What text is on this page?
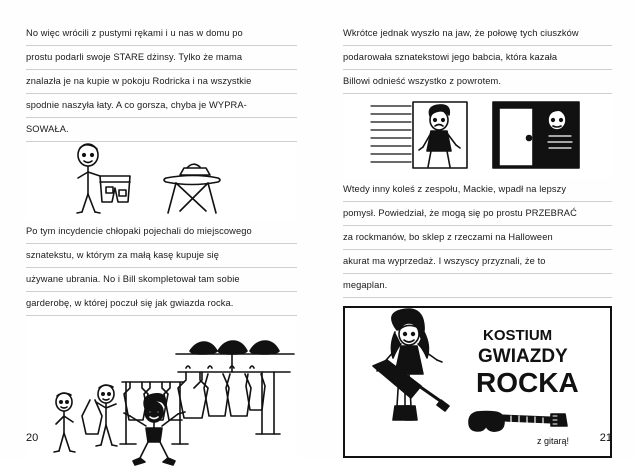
No więc wrócili z pustymi rękami i u nas w domu po

prostu podarli swoje STARE dżinsy. Tylko że mama

znalazła je na kupie w pokoju Rodricka i na wszystkie

spodnie naszyła łaty. A co gorsza, chyba je WYPRA-

SOWAŁA.

Po tym incydencie chłopaki pojechali do miejscowego

sznatekstu, w którym za małą kasę kupuje się

używane ubrania. No i Bill skompletował tam sobie

garderobę, w której poczuł się jak gwiazda rocka.

20

Wkrótce jednak wyszło na jaw, że połowę tych ciuszków

podarowała sznatekstowi jego babcia, która kazała

Billowi odnieść wszystko z powrotem.

Wtedy inny koleś z zespołu, Mackie, wpadł na lepszy

pomysł. Powiedział, że mogą się po prostu PRZEBRAĆ

za rockmanów, bo sklep z rzeczami na Halloween

akurat ma wyprzedaż. I wszyscy przyznali, że to

megaplan.

KOSTIUM
GWIAZDY
ROCKA
z gitarą!	21
